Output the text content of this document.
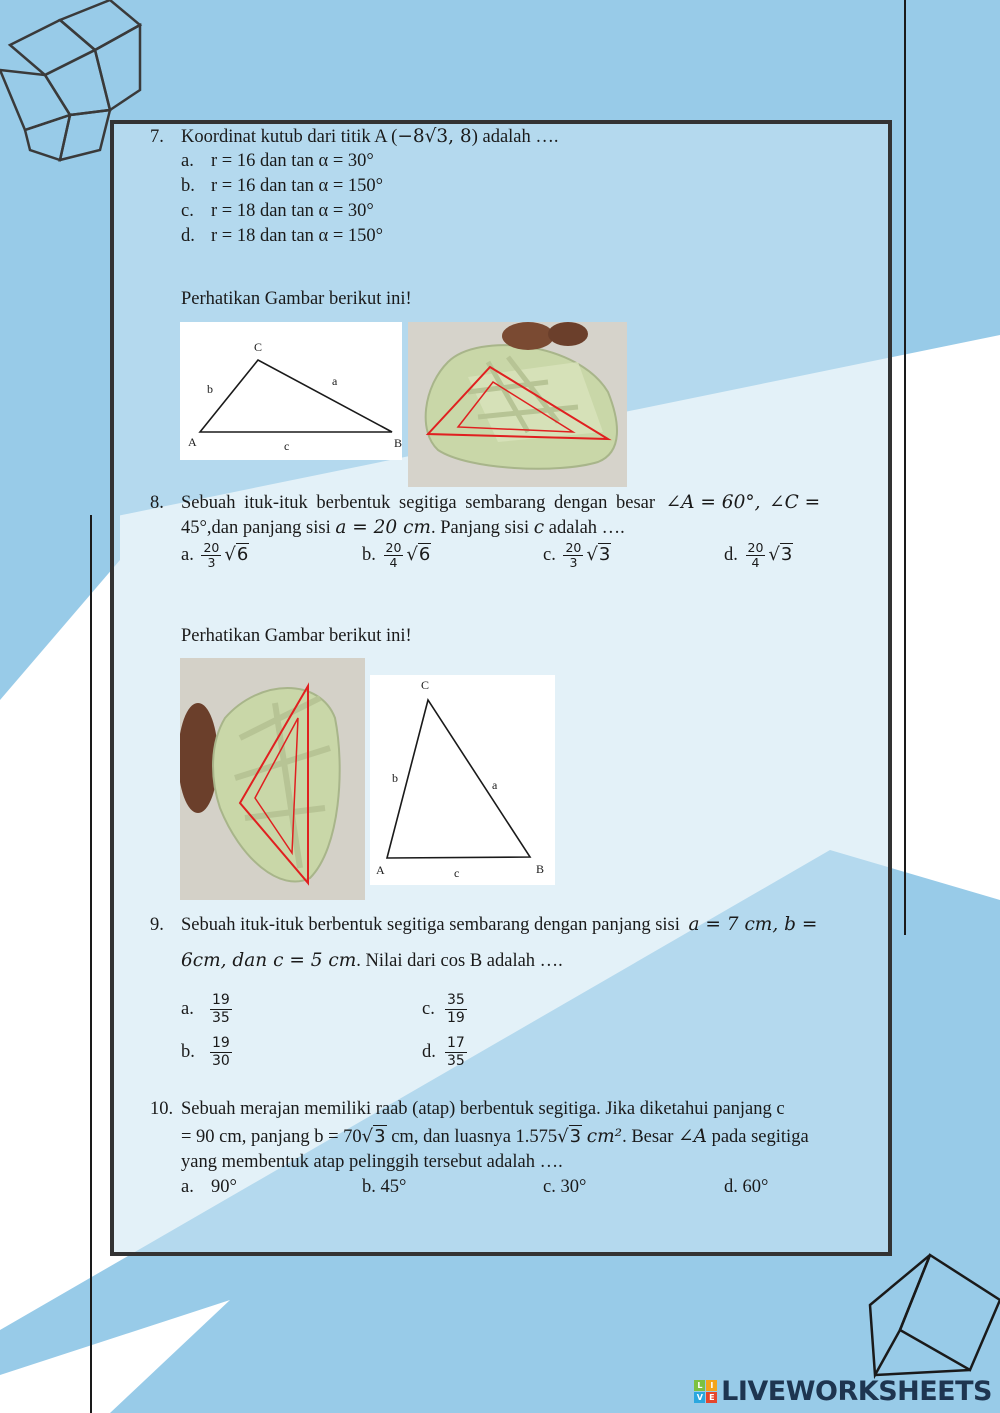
7. Koordinat kutub dari titik A (−8√3, 8) adalah ….
a. r = 16 dan tan α = 30°
b. r = 16 dan tan α = 150°
c. r = 18 dan tan α = 30°
d. r = 18 dan tan α = 150°
Perhatikan Gambar berikut ini!
C
A	B
b
a
c
8. Sebuah ituk-ituk berbentuk segitiga sembarang dengan besar ∠A = 60°, ∠C =
45°,dan panjang sisi a = 20 cm. Panjang sisi c adalah ….
a. $\frac{20}{3} √6$	b. $\frac{20}{4} √6$	c. $\frac{20}{3} √3$	d. $\frac{20}{4} √3$
Perhatikan Gambar berikut ini!
C
A	B
b	a
c
9. Sebuah ituk-ituk berbentuk segitiga sembarang dengan panjang sisi a = 7 cm, b =
6cm, dan c = 5 cm. Nilai dari cos B adalah ….
a. $\frac{19}{35}$	c. $\frac{35}{19}$
b. $\frac{19}{30}$	d. $\frac{17}{35}$
10. Sebuah merajan memiliki raab (atap) berbentuk segitiga. Jika diketahui panjang c
= 90 cm, panjang b = 70√3 cm, dan luasnya 1.575√3 cm². Besar ∠A pada segitiga
yang membentuk atap pelinggih tersebut adalah ….
a. 90°	b. 45°	c. 30°	d. 60°
L	I
V E LIVEWORKSHEETS
